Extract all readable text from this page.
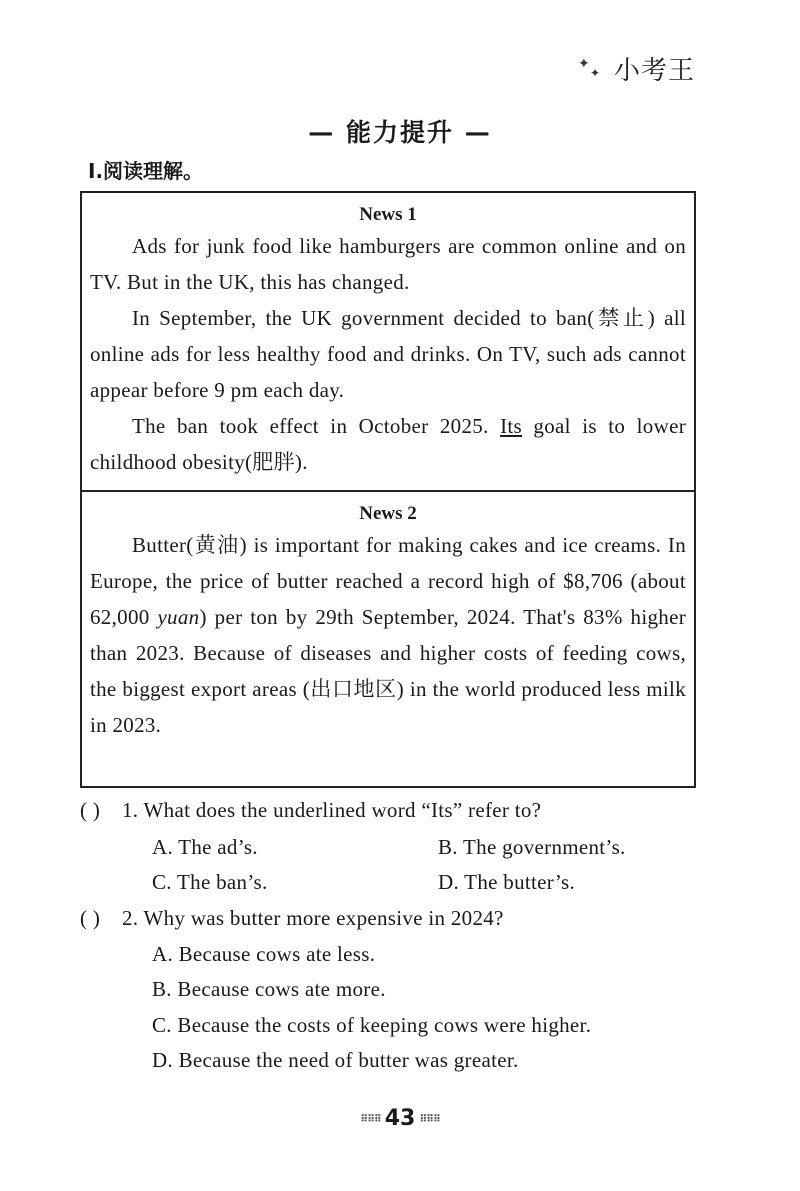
✦
✦ 小考王
— 能力提升 —
Ⅰ.阅读理解。
News 1

Ads for junk food like hamburgers are common online and on TV. But in the UK, this has changed.

In September, the UK government decided to ban(禁止) all online ads for less healthy food and drinks. On TV, such ads cannot appear before 9 pm each day.

The ban took effect in October 2025. Its goal is to lower childhood obesity(肥胖).

News 2

Butter(黄油) is important for making cakes and ice creams. In Europe, the price of butter reached a record high of $8,706 (about 62,000 yuan) per ton by 29th September, 2024. That's 83% higher than 2023. Because of diseases and higher costs of feeding cows, the biggest export areas (出口地区) in the world produced less milk in 2023.

( ) 1. What does the underlined word “Its” refer to?
A. The ad’s.	B. The government’s.
C. The ban’s.	D. The butter’s.
( ) 2. Why was butter more expensive in 2024?
A. Because cows ate less.
B. Because cows ate more.
C. Because the costs of keeping cows were higher.
D. Because the need of butter was greater.
⠿⠿⠿ 43 ⠿⠿⠿
